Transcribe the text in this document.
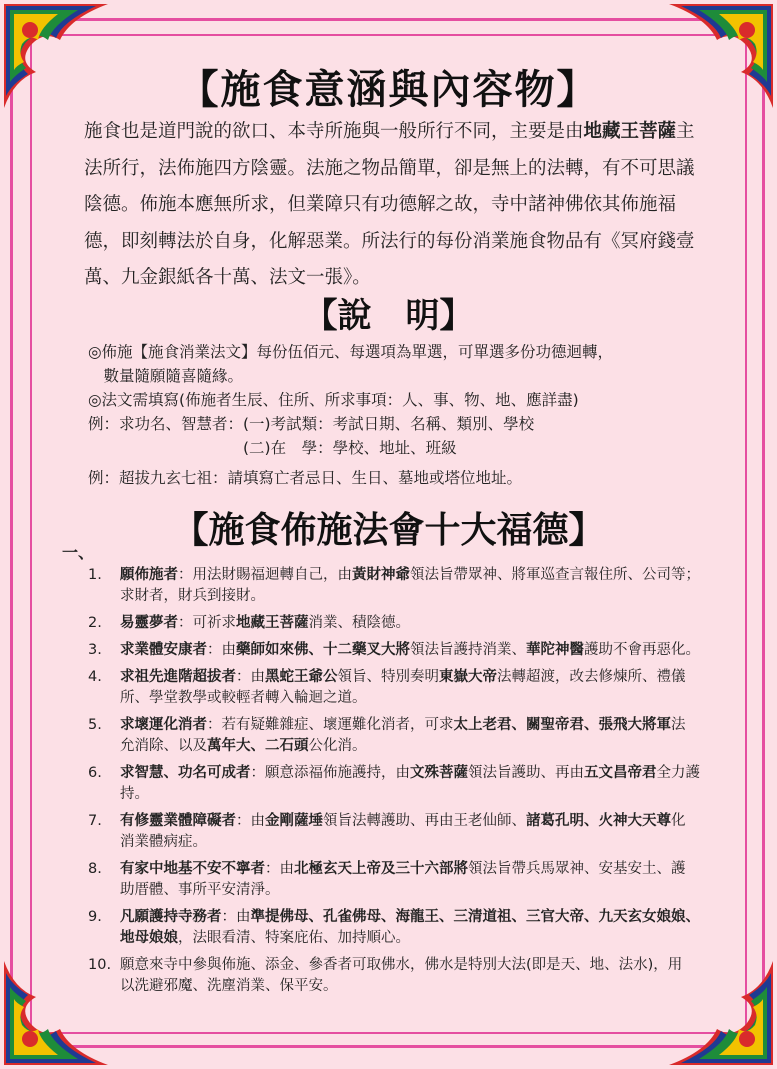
【施食意涵與內容物】
施食也是道門說的欲口、本寺所施與一般所行不同，主要是由地藏王菩薩主法所行，法佈施四方陰靈。法施之物品簡單，卻是無上的法轉，有不可思議陰德。佈施本應無所求，但業障只有功德解之故，寺中諸神佛依其佈施福德，即刻轉法於自身，化解惡業。所法行的每份消業施食物品有《冥府錢壹萬、九金銀紙各十萬、法文一張》。
【說　明】
◎佈施【施食消業法文】每份伍佰元、每選項為單選，可單選多份功德迴轉，
　數量隨願隨喜隨緣。
◎法文需填寫(佈施者生辰、住所、所求事項：人、事、物、地、應詳盡)
例：求功名、智慧者：(一)考試類：考試日期、名稱、類別、學校
　　　　　　　　　　(二)在　學：學校、地址、班級
例：超拔九玄七祖：請填寫亡者忌日、生日、墓地或塔位地址。
【施食佈施法會十大福德】
一、
1.	願佈施者：用法財賜福迴轉自己，由黃財神爺領法旨帶眾神、將軍巡查言報住所、公司等；
求財者，財兵到接財。
2.	易靈夢者：可祈求地藏王菩薩消業、積陰德。
3.	求業體安康者：由藥師如來佛、十二藥叉大將領法旨護持消業、華陀神醫護助不會再惡化。
4.	求祖先進階超拔者：由黑蛇王爺公領旨、特別奏明東嶽大帝法轉超渡，改去修煉所、禮儀
所、學堂教學或較輕者轉入輪迴之道。
5.	求壞運化消者：若有疑難雜症、壞運難化消者，可求太上老君、關聖帝君、張飛大將軍法
允消除、以及萬年大、二石頭公化消。
6.	求智慧、功名可成者：願意添福佈施護持，由文殊菩薩領法旨護助、再由五文昌帝君全力護
持。
7.	有修靈業體障礙者：由金剛薩埵領旨法轉護助、再由王老仙師、諸葛孔明、火神大天尊化
消業體病症。
8.	有家中地基不安不寧者：由北極玄天上帝及三十六部將領法旨帶兵馬眾神、安基安土、護
助厝體、事所平安清淨。
9.	凡願護持寺務者：由準提佛母、孔雀佛母、海龍王、三清道祖、三官大帝、九天玄女娘娘、
地母娘娘，法眼看清、特案庇佑、加持順心。
10. 願意來寺中參與佈施、添金、參香者可取佛水，佛水是特別大法(即是天、地、法水)，用
以洗避邪魔、洗塵消業、保平安。
